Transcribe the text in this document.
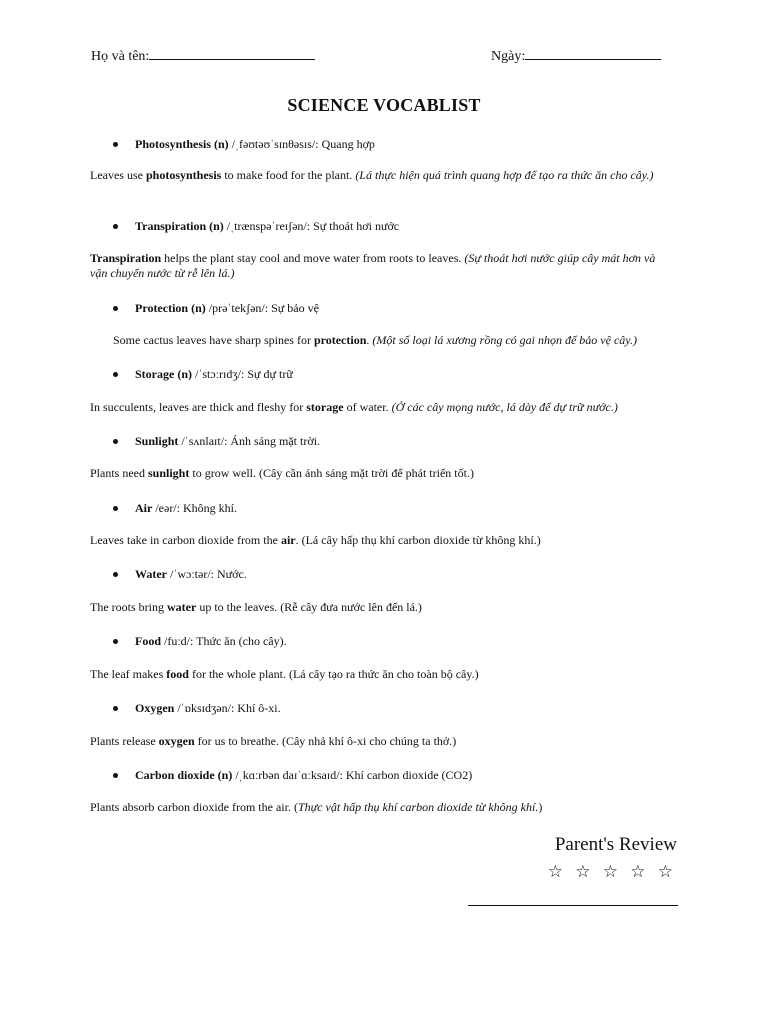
Họ và tên:	Ngày:
SCIENCE VOCABLIST
Photosynthesis (n) /ˌfəʊtəʊˈsɪnθəsɪs/: Quang hợp
Leaves use photosynthesis to make food for the plant. (Lá thực hiện quá trình quang hợp để tạo ra thức ăn cho cây.)
Transpiration (n) /ˌtrænspəˈreɪʃən/: Sự thoát hơi nước
Transpiration helps the plant stay cool and move water from roots to leaves. (Sự thoát hơi nước giúp cây mát hơn và vận chuyển nước từ rễ lên lá.)
Protection (n) /prəˈtekʃən/: Sự bảo vệ
Some cactus leaves have sharp spines for protection. (Một số loại lá xương rồng có gai nhọn để bảo vệ cây.)
Storage (n) /ˈstɔːrɪdʒ/: Sự dự trữ
In succulents, leaves are thick and fleshy for storage of water. (Ở các cây mọng nước, lá dày để dự trữ nước.)
Sunlight /ˈsʌnlaɪt/: Ánh sáng mặt trời.
Plants need sunlight to grow well. (Cây cần ánh sáng mặt trời để phát triển tốt.)
Air /eər/: Không khí.
Leaves take in carbon dioxide from the air. (Lá cây hấp thụ khí carbon dioxide từ không khí.)
Water /ˈwɔːtər/: Nước.
The roots bring water up to the leaves. (Rễ cây đưa nước lên đến lá.)
Food /fuːd/: Thức ăn (cho cây).
The leaf makes food for the whole plant. (Lá cây tạo ra thức ăn cho toàn bộ cây.)
Oxygen /ˈɒksɪdʒən/: Khí ô-xi.
Plants release oxygen for us to breathe. (Cây nhả khí ô-xi cho chúng ta thở.)
Carbon dioxide (n) /ˌkɑːrbən daɪˈɑːksaɪd/: Khí carbon dioxide (CO2)
Plants absorb carbon dioxide from the air. (Thực vật hấp thụ khí carbon dioxide từ không khí.)
Parent's Review
☆ ☆ ☆ ☆ ☆
